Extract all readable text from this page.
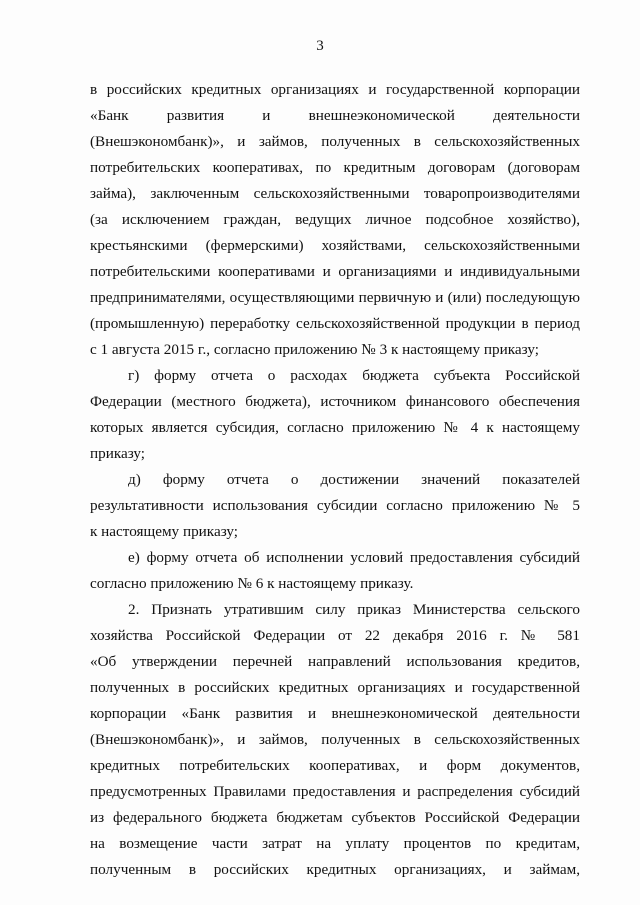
3
в российских кредитных организациях и государственной корпорации
«Банк развития и внешнеэкономической деятельности
(Внешэкономбанк)», и займов, полученных в сельскохозяйственных
потребительских кооперативах, по кредитным договорам (договорам
займа), заключенным сельскохозяйственными товаропроизводителями
(за исключением граждан, ведущих личное подсобное хозяйство),
крестьянскими (фермерскими) хозяйствами, сельскохозяйственными
потребительскими кооперативами и организациями и индивидуальными
предпринимателями, осуществляющими первичную и (или) последующую
(промышленную) переработку сельскохозяйственной продукции в период
с 1 августа 2015 г., согласно приложению № 3 к настоящему приказу;
г) форму отчета о расходах бюджета субъекта Российской
Федерации (местного бюджета), источником финансового обеспечения
которых является субсидия, согласно приложению № 4 к настоящему
приказу;
д) форму отчета о достижении значений показателей
результативности использования субсидии согласно приложению № 5
к настоящему приказу;
е) форму отчета об исполнении условий предоставления субсидий
согласно приложению № 6 к настоящему приказу.
2. Признать утратившим силу приказ Министерства сельского
хозяйства Российской Федерации от 22 декабря 2016 г. № 581
«Об утверждении перечней направлений использования кредитов,
полученных в российских кредитных организациях и государственной
корпорации «Банк развития и внешнеэкономической деятельности
(Внешэкономбанк)», и займов, полученных в сельскохозяйственных
кредитных потребительских кооперативах, и форм документов,
предусмотренных Правилами предоставления и распределения субсидий
из федерального бюджета бюджетам субъектов Российской Федерации
на возмещение части затрат на уплату процентов по кредитам,
полученным в российских кредитных организациях, и займам,
